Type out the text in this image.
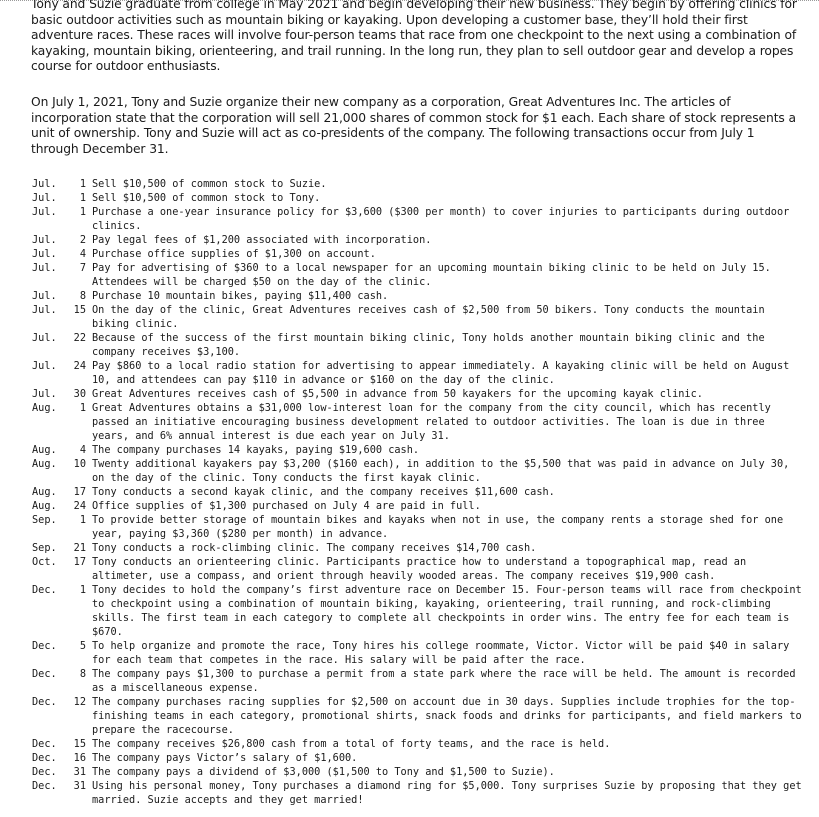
Tony and Suzie graduate from college in May 2021 and begin developing their new business. They begin by offering clinics for basic outdoor activities such as mountain biking or kayaking. Upon developing a customer base, they’ll hold their first adventure races. These races will involve four-person teams that race from one checkpoint to the next using a combination of kayaking, mountain biking, orienteering, and trail running. In the long run, they plan to sell outdoor gear and develop a ropes course for outdoor enthusiasts.

On July 1, 2021, Tony and Suzie organize their new company as a corporation, Great Adventures Inc. The articles of incorporation state that the corporation will sell 21,000 shares of common stock for $1 each. Each share of stock represents a unit of ownership. Tony and Suzie will act as co-presidents of the company. The following transactions occur from July 1 through December 31.

Jul.	1 Sell $10,500 of common stock to Suzie.
Jul.	1 Sell $10,500 of common stock to Tony.
Jul.	1 Purchase a one-year insurance policy for $3,600 ($300 per month) to cover injuries to participants during outdoor clinics.
Jul.	2 Pay legal fees of $1,200 associated with incorporation.
Jul.	4 Purchase office supplies of $1,300 on account.
Jul.	7 Pay for advertising of $360 to a local newspaper for an upcoming mountain biking clinic to be held on July 15. Attendees will be charged $50 on the day of the clinic.
Jul.	8 Purchase 10 mountain bikes, paying $11,400 cash.
Jul.	15 On the day of the clinic, Great Adventures receives cash of $2,500 from 50 bikers. Tony conducts the mountain biking clinic.
Jul.	22 Because of the success of the first mountain biking clinic, Tony holds another mountain biking clinic and the company receives $3,100.
Jul.	24 Pay $860 to a local radio station for advertising to appear immediately. A kayaking clinic will be held on August 10, and attendees can pay $110 in advance or $160 on the day of the clinic.
Jul.	30 Great Adventures receives cash of $5,500 in advance from 50 kayakers for the upcoming kayak clinic.
Aug.	1 Great Adventures obtains a $31,000 low-interest loan for the company from the city council, which has recently passed an initiative encouraging business development related to outdoor activities. The loan is due in three years, and 6% annual interest is due each year on July 31.
Aug.	4 The company purchases 14 kayaks, paying $19,600 cash.
Aug.	10 Twenty additional kayakers pay $3,200 ($160 each), in addition to the $5,500 that was paid in advance on July 30, on the day of the clinic. Tony conducts the first kayak clinic.
Aug.	17 Tony conducts a second kayak clinic, and the company receives $11,600 cash.
Aug.	24 Office supplies of $1,300 purchased on July 4 are paid in full.
Sep.	1 To provide better storage of mountain bikes and kayaks when not in use, the company rents a storage shed for one year, paying $3,360 ($280 per month) in advance.
Sep.	21 Tony conducts a rock-climbing clinic. The company receives $14,700 cash.
Oct.	17 Tony conducts an orienteering clinic. Participants practice how to understand a topographical map, read an altimeter, use a compass, and orient through heavily wooded areas. The company receives $19,900 cash.
Dec.	1 Tony decides to hold the company’s first adventure race on December 15. Four-person teams will race from checkpoint to checkpoint using a combination of mountain biking, kayaking, orienteering, trail running, and rock-climbing skills. The first team in each category to complete all checkpoints in order wins. The entry fee for each team is $670.
Dec.	5 To help organize and promote the race, Tony hires his college roommate, Victor. Victor will be paid $40 in salary for each team that competes in the race. His salary will be paid after the race.
Dec.	8 The company pays $1,300 to purchase a permit from a state park where the race will be held. The amount is recorded as a miscellaneous expense.
Dec.	12 The company purchases racing supplies for $2,500 on account due in 30 days. Supplies include trophies for the top-finishing teams in each category, promotional shirts, snack foods and drinks for participants, and field markers to prepare the racecourse.
Dec.	15 The company receives $26,800 cash from a total of forty teams, and the race is held.
Dec.	16 The company pays Victor’s salary of $1,600.
Dec.	31 The company pays a dividend of $3,000 ($1,500 to Tony and $1,500 to Suzie).
Dec.	31 Using his personal money, Tony purchases a diamond ring for $5,000. Tony surprises Suzie by proposing that they get married. Suzie accepts and they get married!
